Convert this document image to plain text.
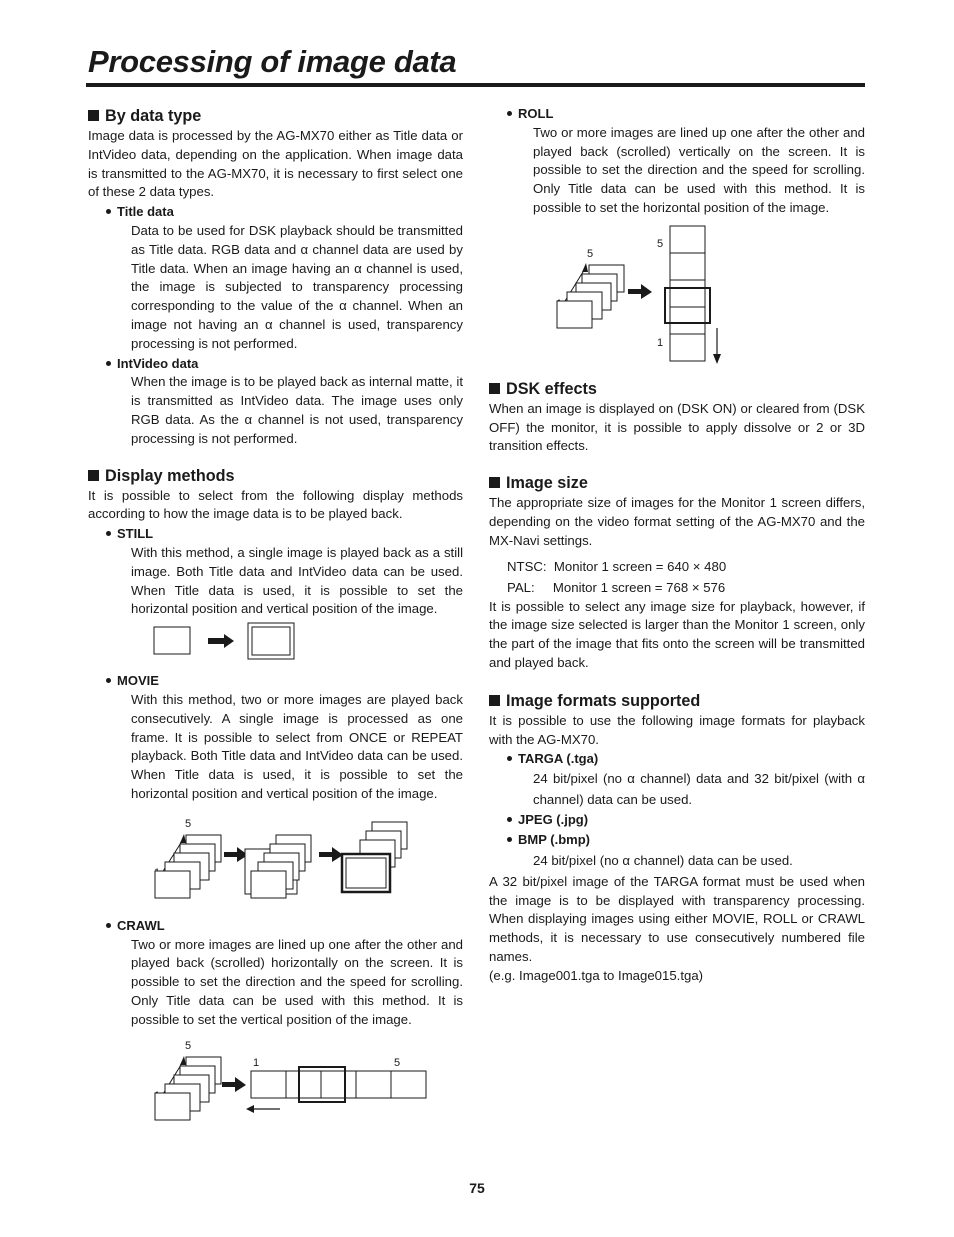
Processing of image data
By data type

Image data is processed by the AG-MX70 either as Title data or IntVideo data, depending on the application. When image data is transmitted to the AG-MX70, it is necessary to first select one of these 2 data types.

Title data

Data to be used for DSK playback should be transmitted as Title data. RGB data and α channel data are used by Title data. When an image having an α channel is used, the image is subjected to transparency processing corresponding to the value of the α channel. When an image not having an α channel is used, transparency processing is not performed.

IntVideo data

When the image is to be played back as internal matte, it is transmitted as IntVideo data. The image uses only RGB data. As the α channel is not used, transparency processing is not performed.

Display methods

It is possible to select from the following display methods according to how the image data is to be played back.

STILL

With this method, a single image is played back as a still image. Both Title data and IntVideo data can be used. When Title data is used, it is possible to set the horizontal position and vertical position of the image.

MOVIE

With this method, two or more images are played back consecutively. A single image is processed as one frame. It is possible to select from ONCE or REPEAT playback. Both Title data and IntVideo data can be used. When Title data is used, it is possible to set the horizontal position and vertical position of the image.

5
CRAWL

Two or more images are lined up one after the other and played back (scrolled) horizontally on the screen. It is possible to set the direction and the speed for scrolling. Only Title data can be used with this method. It is possible to set the vertical position of the image.

5
1	5
ROLL

Two or more images are lined up one after the other and played back (scrolled) vertically on the screen. It is possible to set the direction and the speed for scrolling. Only Title data can be used with this method. It is possible to set the horizontal position of the image.

5
5
1
DSK effects

When an image is displayed on (DSK ON) or cleared from (DSK OFF) the monitor, it is possible to apply dissolve or 2 or 3D transition effects.

Image size

The appropriate size of images for the Monitor 1 screen differs, depending on the video format setting of the AG-MX70 and the MX-Navi settings.

NTSC:  Monitor 1 screen = 640 × 480
PAL:     Monitor 1 screen = 768 × 576

It is possible to select any image size for playback, however, if the image size selected is larger than the Monitor 1 screen, only the part of the image that fits onto the screen will be transmitted and played back.

Image formats supported

It is possible to use the following image formats for playback with the AG-MX70.

TARGA (.tga)

24 bit/pixel (no α channel) data and 32 bit/pixel (with α channel) data can be used.

JPEG (.jpg)
BMP (.bmp)

24 bit/pixel (no α channel) data can be used.

A 32 bit/pixel image of the TARGA format must be used when the image is to be displayed with transparency processing. When displaying images using either MOVIE, ROLL or CRAWL methods, it is necessary to use consecutively numbered file names.

(e.g. Image001.tga to Image015.tga)

75
